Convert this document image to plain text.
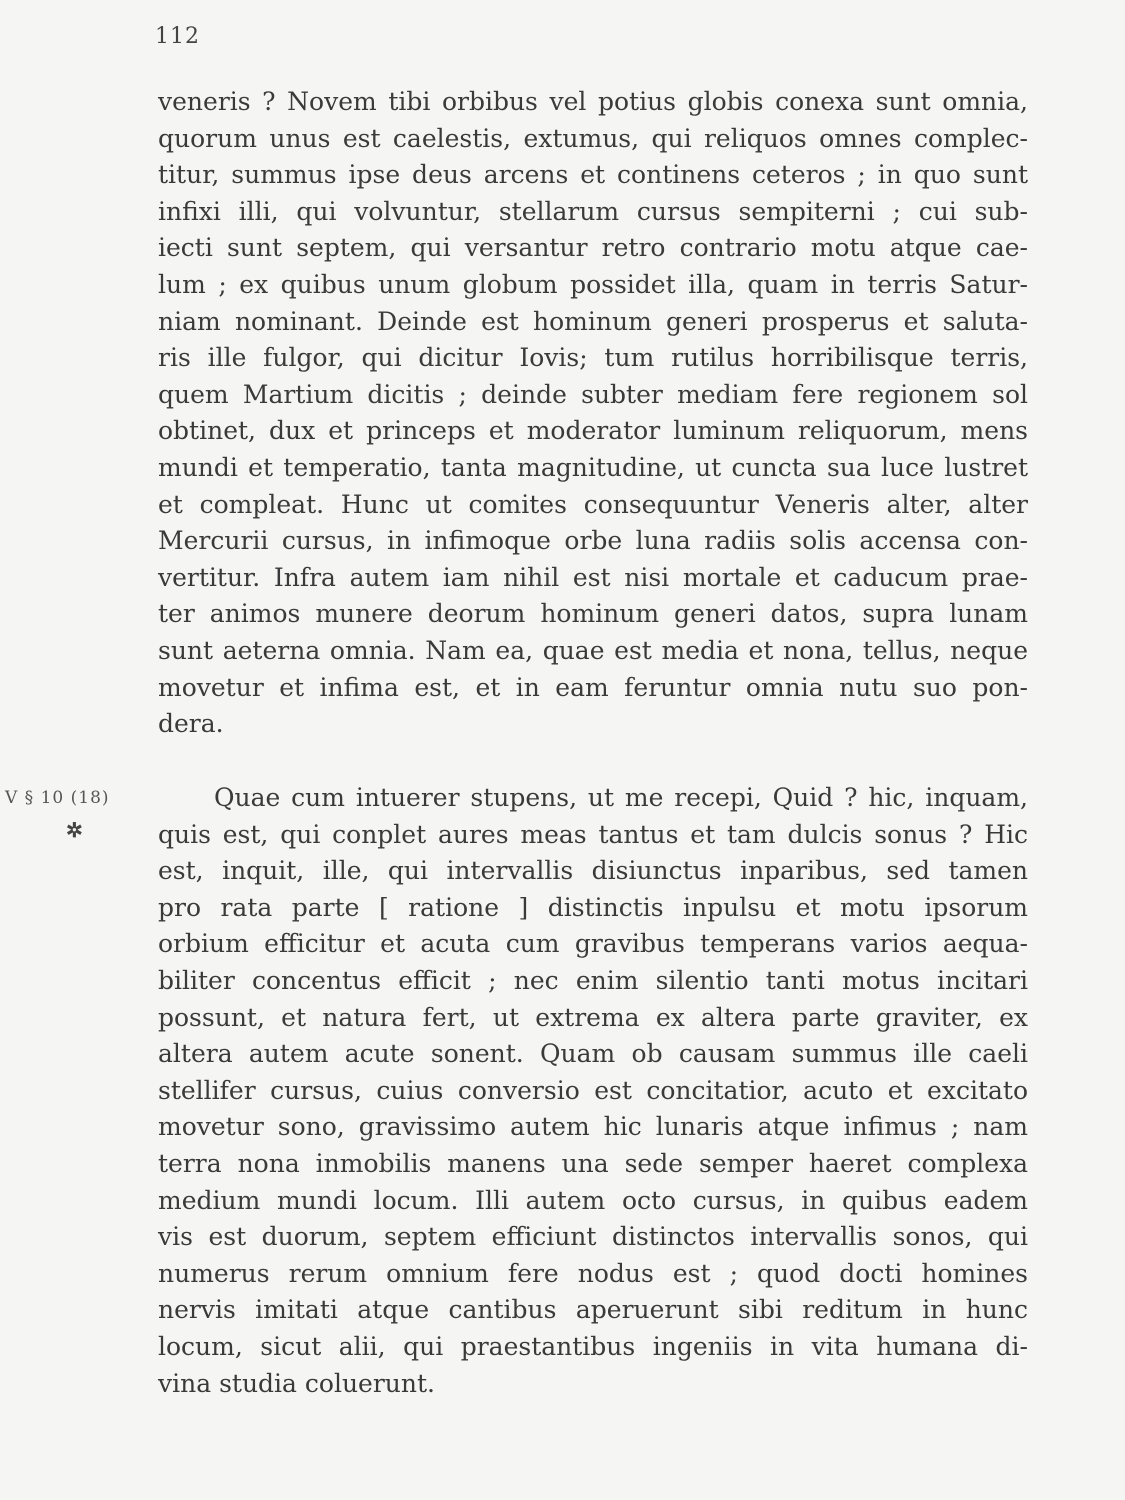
112
V § 10 (18)
✲
veneris ? Novem tibi orbibus vel potius globis conexa sunt omnia,
quorum unus est caelestis, extumus, qui reliquos omnes complec-
titur, summus ipse deus arcens et continens ceteros ; in quo sunt
infixi illi, qui volvuntur, stellarum cursus sempiterni ; cui sub-
iecti sunt septem, qui versantur retro contrario motu atque cae-
lum ; ex quibus unum globum possidet illa, quam in terris Satur-
niam nominant. Deinde est hominum generi prosperus et saluta-
ris ille fulgor, qui dicitur Iovis; tum rutilus horribilisque terris,
quem Martium dicitis ; deinde subter mediam fere regionem sol
obtinet, dux et princeps et moderator luminum reliquorum, mens
mundi et temperatio, tanta magnitudine, ut cuncta sua luce lustret
et compleat. Hunc ut comites consequuntur Veneris alter, alter
Mercurii cursus, in infimoque orbe luna radiis solis accensa con-
vertitur. Infra autem iam nihil est nisi mortale et caducum prae-
ter animos munere deorum hominum generi datos, supra lunam
sunt aeterna omnia. Nam ea, quae est media et nona, tellus, neque
movetur et infima est, et in eam feruntur omnia nutu suo pon-
dera.
Quae cum intuerer stupens, ut me recepi, Quid ? hic, inquam,
quis est, qui conplet aures meas tantus et tam dulcis sonus ? Hic
est, inquit, ille, qui intervallis disiunctus inparibus, sed tamen
pro rata parte [ ratione ] distinctis inpulsu et motu ipsorum
orbium efficitur et acuta cum gravibus temperans varios aequa-
biliter concentus efficit ; nec enim silentio tanti motus incitari
possunt, et natura fert, ut extrema ex altera parte graviter, ex
altera autem acute sonent. Quam ob causam summus ille caeli
stellifer cursus, cuius conversio est concitatior, acuto et excitato
movetur sono, gravissimo autem hic lunaris atque infimus ; nam
terra nona inmobilis manens una sede semper haeret complexa
medium mundi locum. Illi autem octo cursus, in quibus eadem
vis est duorum, septem efficiunt distinctos intervallis sonos, qui
numerus rerum omnium fere nodus est ; quod docti homines
nervis imitati atque cantibus aperuerunt sibi reditum in hunc
locum, sicut alii, qui praestantibus ingeniis in vita humana di-
vina studia coluerunt.
